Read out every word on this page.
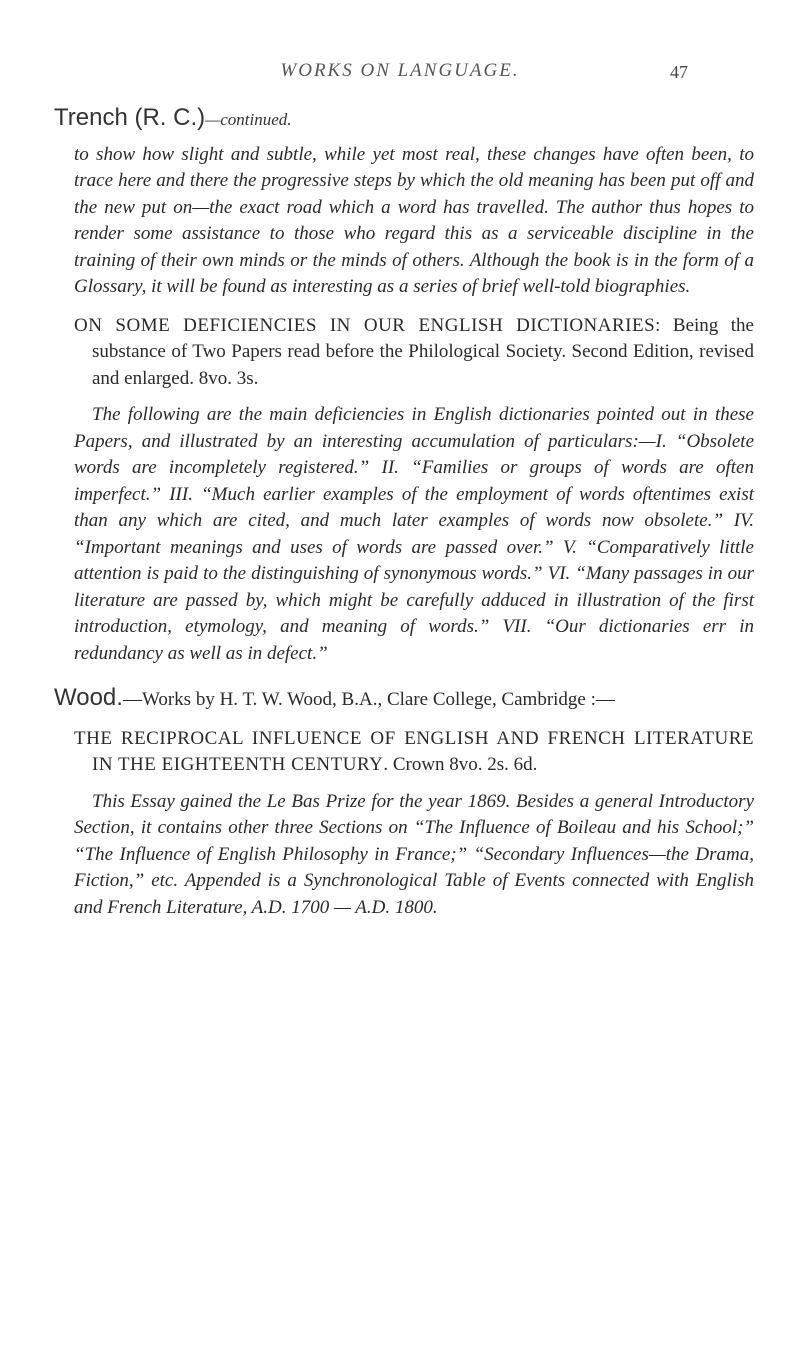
WORKS ON LANGUAGE.	47
Trench (R. C.)—continued.

to show how slight and subtle, while yet most real, these changes have often been, to trace here and there the progressive steps by which the old meaning has been put off and the new put on—the exact road which a word has travelled. The author thus hopes to render some assistance to those who regard this as a serviceable discipline in the training of their own minds or the minds of others. Although the book is in the form of a Glossary, it will be found as interesting as a series of brief well-told biographies.

ON SOME DEFICIENCIES IN OUR ENGLISH DICTIONARIES: Being the substance of Two Papers read before the Philological Society. Second Edition, revised and enlarged. 8vo. 3s.

The following are the main deficiencies in English dictionaries pointed out in these Papers, and illustrated by an interesting accumulation of particulars:—I. “Obsolete words are incompletely registered.” II. “Families or groups of words are often imperfect.” III. “Much earlier examples of the employment of words oftentimes exist than any which are cited, and much later examples of words now obsolete.” IV. “Important meanings and uses of words are passed over.” V. “Comparatively little attention is paid to the distinguishing of synonymous words.” VI. “Many passages in our literature are passed by, which might be carefully adduced in illustration of the first introduction, etymology, and meaning of words.” VII. “Our dictionaries err in redundancy as well as in defect.”

Wood.—Works by H. T. W. Wood, B.A., Clare College, Cambridge :—

THE RECIPROCAL INFLUENCE OF ENGLISH AND FRENCH LITERATURE IN THE EIGHTEENTH CENTURY. Crown 8vo. 2s. 6d.

This Essay gained the Le Bas Prize for the year 1869. Besides a general Introductory Section, it contains other three Sections on “The Influence of Boileau and his School;” “The Influence of English Philosophy in France;” “Secondary Influences—the Drama, Fiction,” etc. Appended is a Synchronological Table of Events connected with English and French Literature, A.D. 1700 — A.D. 1800.
